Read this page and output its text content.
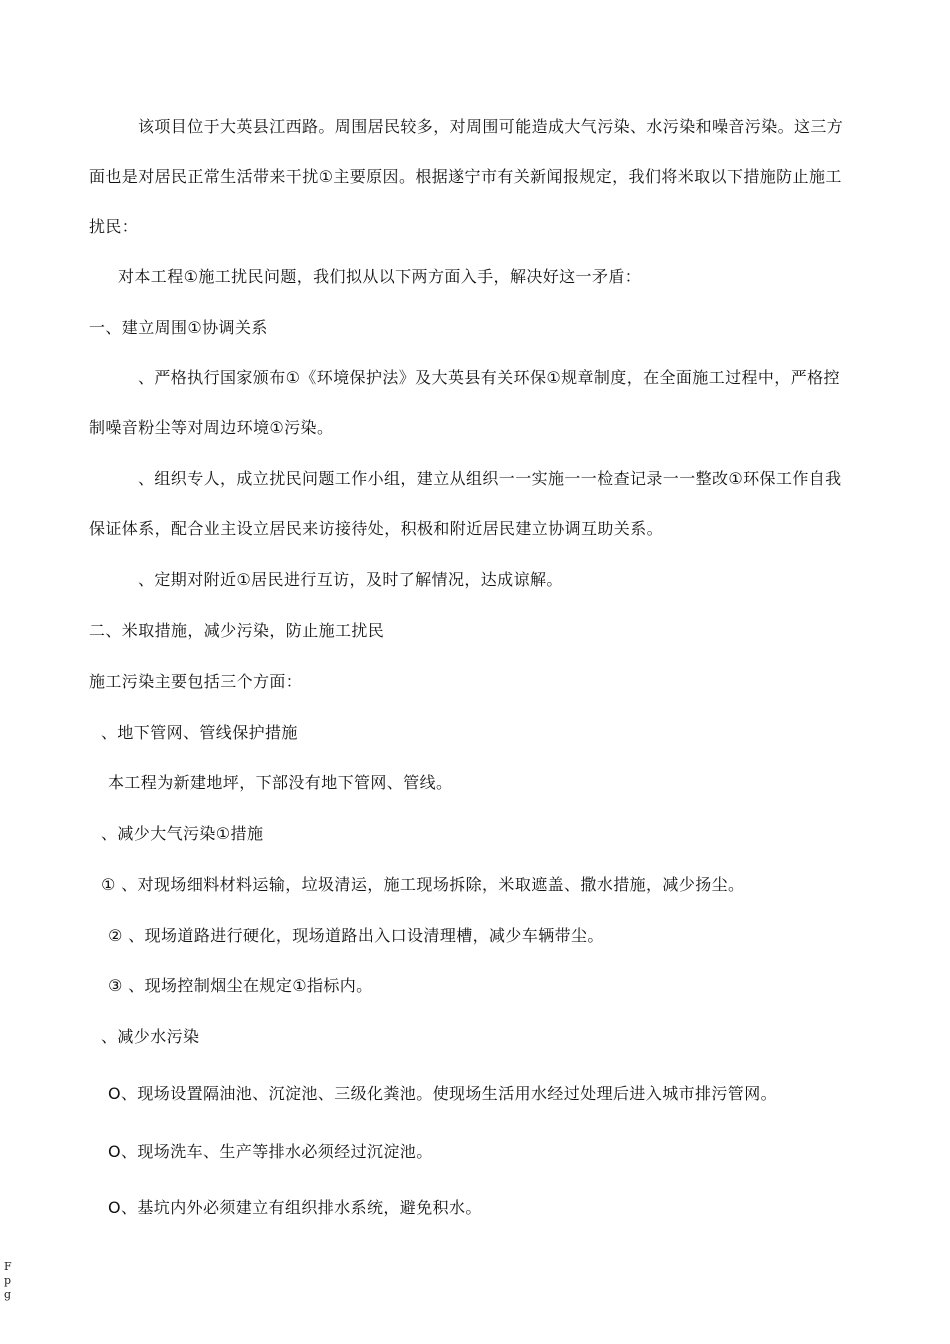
该项目位于大英县江西路。周围居民较多，对周围可能造成大气污染、水污染和噪音污染。这三方
面也是对居民正常生活带来干扰①主要原因。根据遂宁市有关新闻报规定，我们将米取以下措施防止施工
扰民：
对本工程①施工扰民问题，我们拟从以下两方面入手，解决好这一矛盾：
一、建立周围①协调关系
、严格执行国家颁布①《环境保护法》及大英县有关环保①规章制度，在全面施工过程中，严格控
制噪音粉尘等对周边环境①污染。
、组织专人，成立扰民问题工作小组，建立从组织一一实施一一检查记录一一整改①环保工作自我
保证体系，配合业主设立居民来访接待处，积极和附近居民建立协调互助关系。
、定期对附近①居民进行互访，及时了解情况，达成谅解。
二、米取措施，减少污染，防止施工扰民
施工污染主要包括三个方面：
、地下管网、管线保护措施
本工程为新建地坪，下部没有地下管网、管线。
、减少大气污染①措施
① 、对现场细料材料运输，垃圾清运，施工现场拆除，米取遮盖、撒水措施，减少扬尘。
② 、现场道路进行硬化，现场道路出入口设清理槽，减少车辆带尘。
③ 、现场控制烟尘在规定①指标内。
、减少水污染
O、现场设置隔油池、沉淀池、三级化粪池。使现场生活用水经过处理后进入城市排污管网。
O、现场洗车、生产等排水必须经过沉淀池。
O、基坑内外必须建立有组织排水系统，避免积水。
F
p
g
